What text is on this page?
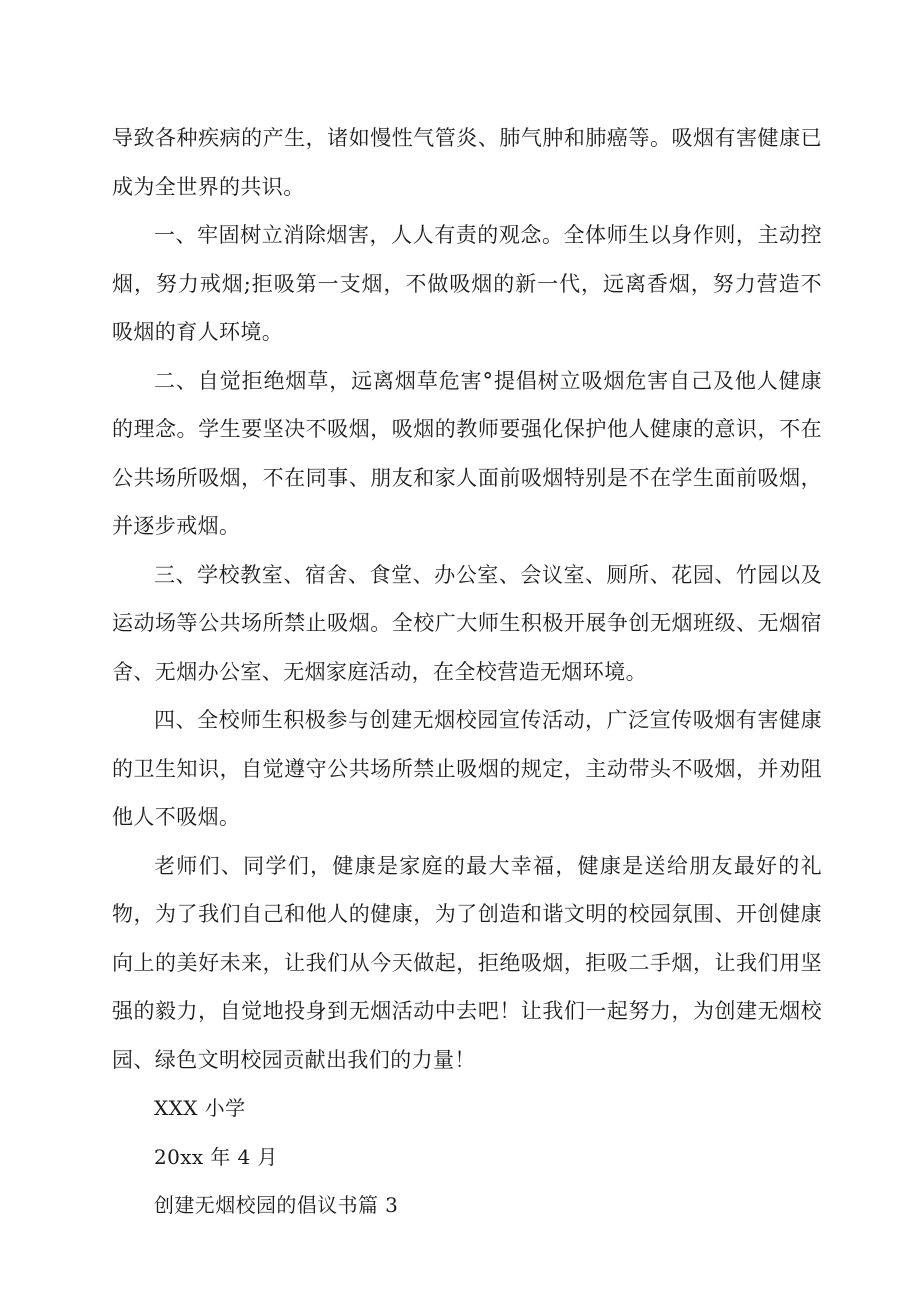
导致各种疾病的产生，诸如慢性气管炎、肺气肿和肺癌等。吸烟有害健康已成为全世界的共识。

一、牢固树立消除烟害，人人有责的观念。全体师生以身作则，主动控烟，努力戒烟;拒吸第一支烟，不做吸烟的新一代，远离香烟，努力营造不吸烟的育人环境。

二、自觉拒绝烟草，远离烟草危害°提倡树立吸烟危害自己及他人健康的理念。学生要坚决不吸烟，吸烟的教师要强化保护他人健康的意识，不在公共场所吸烟，不在同事、朋友和家人面前吸烟特别是不在学生面前吸烟，并逐步戒烟。

三、学校教室、宿舍、食堂、办公室、会议室、厕所、花园、竹园以及运动场等公共场所禁止吸烟。全校广大师生积极开展争创无烟班级、无烟宿舍、无烟办公室、无烟家庭活动，在全校营造无烟环境。

四、全校师生积极参与创建无烟校园宣传活动，广泛宣传吸烟有害健康的卫生知识，自觉遵守公共场所禁止吸烟的规定，主动带头不吸烟，并劝阻他人不吸烟。

老师们、同学们，健康是家庭的最大幸福，健康是送给朋友最好的礼物，为了我们自己和他人的健康，为了创造和谐文明的校园氛围、开创健康向上的美好未来，让我们从今天做起，拒绝吸烟，拒吸二手烟，让我们用坚强的毅力，自觉地投身到无烟活动中去吧！让我们一起努力，为创建无烟校园、绿色文明校园贡献出我们的力量！

XXX 小学

20xx 年 4 月

创建无烟校园的倡议书篇 3
